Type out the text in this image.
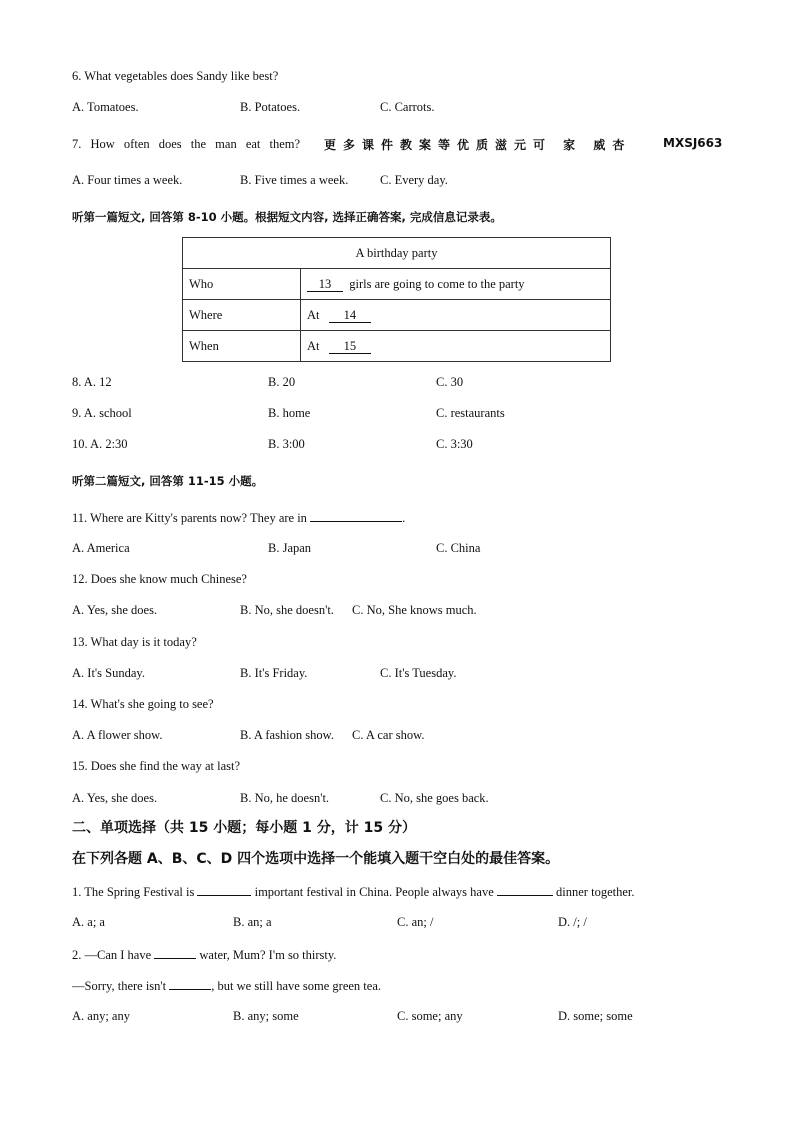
6. What vegetables does Sandy like best?
A. Tomatoes.	B. Potatoes.	C. Carrots.
7. How often does the man eat them? 更多课件教案等优质滋元可 家 威杏	MXSJ663
A. Four times a week.	B. Five times a week.	C. Every day.
听第一篇短文, 回答第 8-10 小题。根据短文内容, 选择正确答案, 完成信息记录表。
A birthday party	
Who	13 girls are going to come to the party
Where	At 14
When	At 15
8. A. 12	B. 20	C. 30
9. A. school	B. home	C. restaurants
10. A. 2:30	B. 3:00	C. 3:30
听第二篇短文, 回答第 11-15 小题。
11. Where are Kitty's parents now? They are in	.
A. America	B. Japan	C. China
12. Does she know much Chinese?
A. Yes, she does.	B. No, she doesn't. C. No, She knows much.
13. What day is it today?
A. It's Sunday.	B. It's Friday.	C. It's Tuesday.
14. What's she going to see?
A. A flower show.	B. A fashion show. C. A car show.
15. Does she find the way at last?
A. Yes, she does.	B. No, he doesn't.	C. No, she goes back.
二、单项选择（共 15 小题；每小题 1 分，计 15 分）
在下列各题 A、B、C、D 四个选项中选择一个能填入题干空白处的最佳答案。
1. The Spring Festival is	important festival in China. People always have	dinner together.
A. a; a	B. an; a	C. an; /	D. /; /
2. —Can I have	water, Mum? I'm so thirsty.
—Sorry, there isn't	, but we still have some green tea.
A. any; any	B. any; some	C. some; any	D. some; some
